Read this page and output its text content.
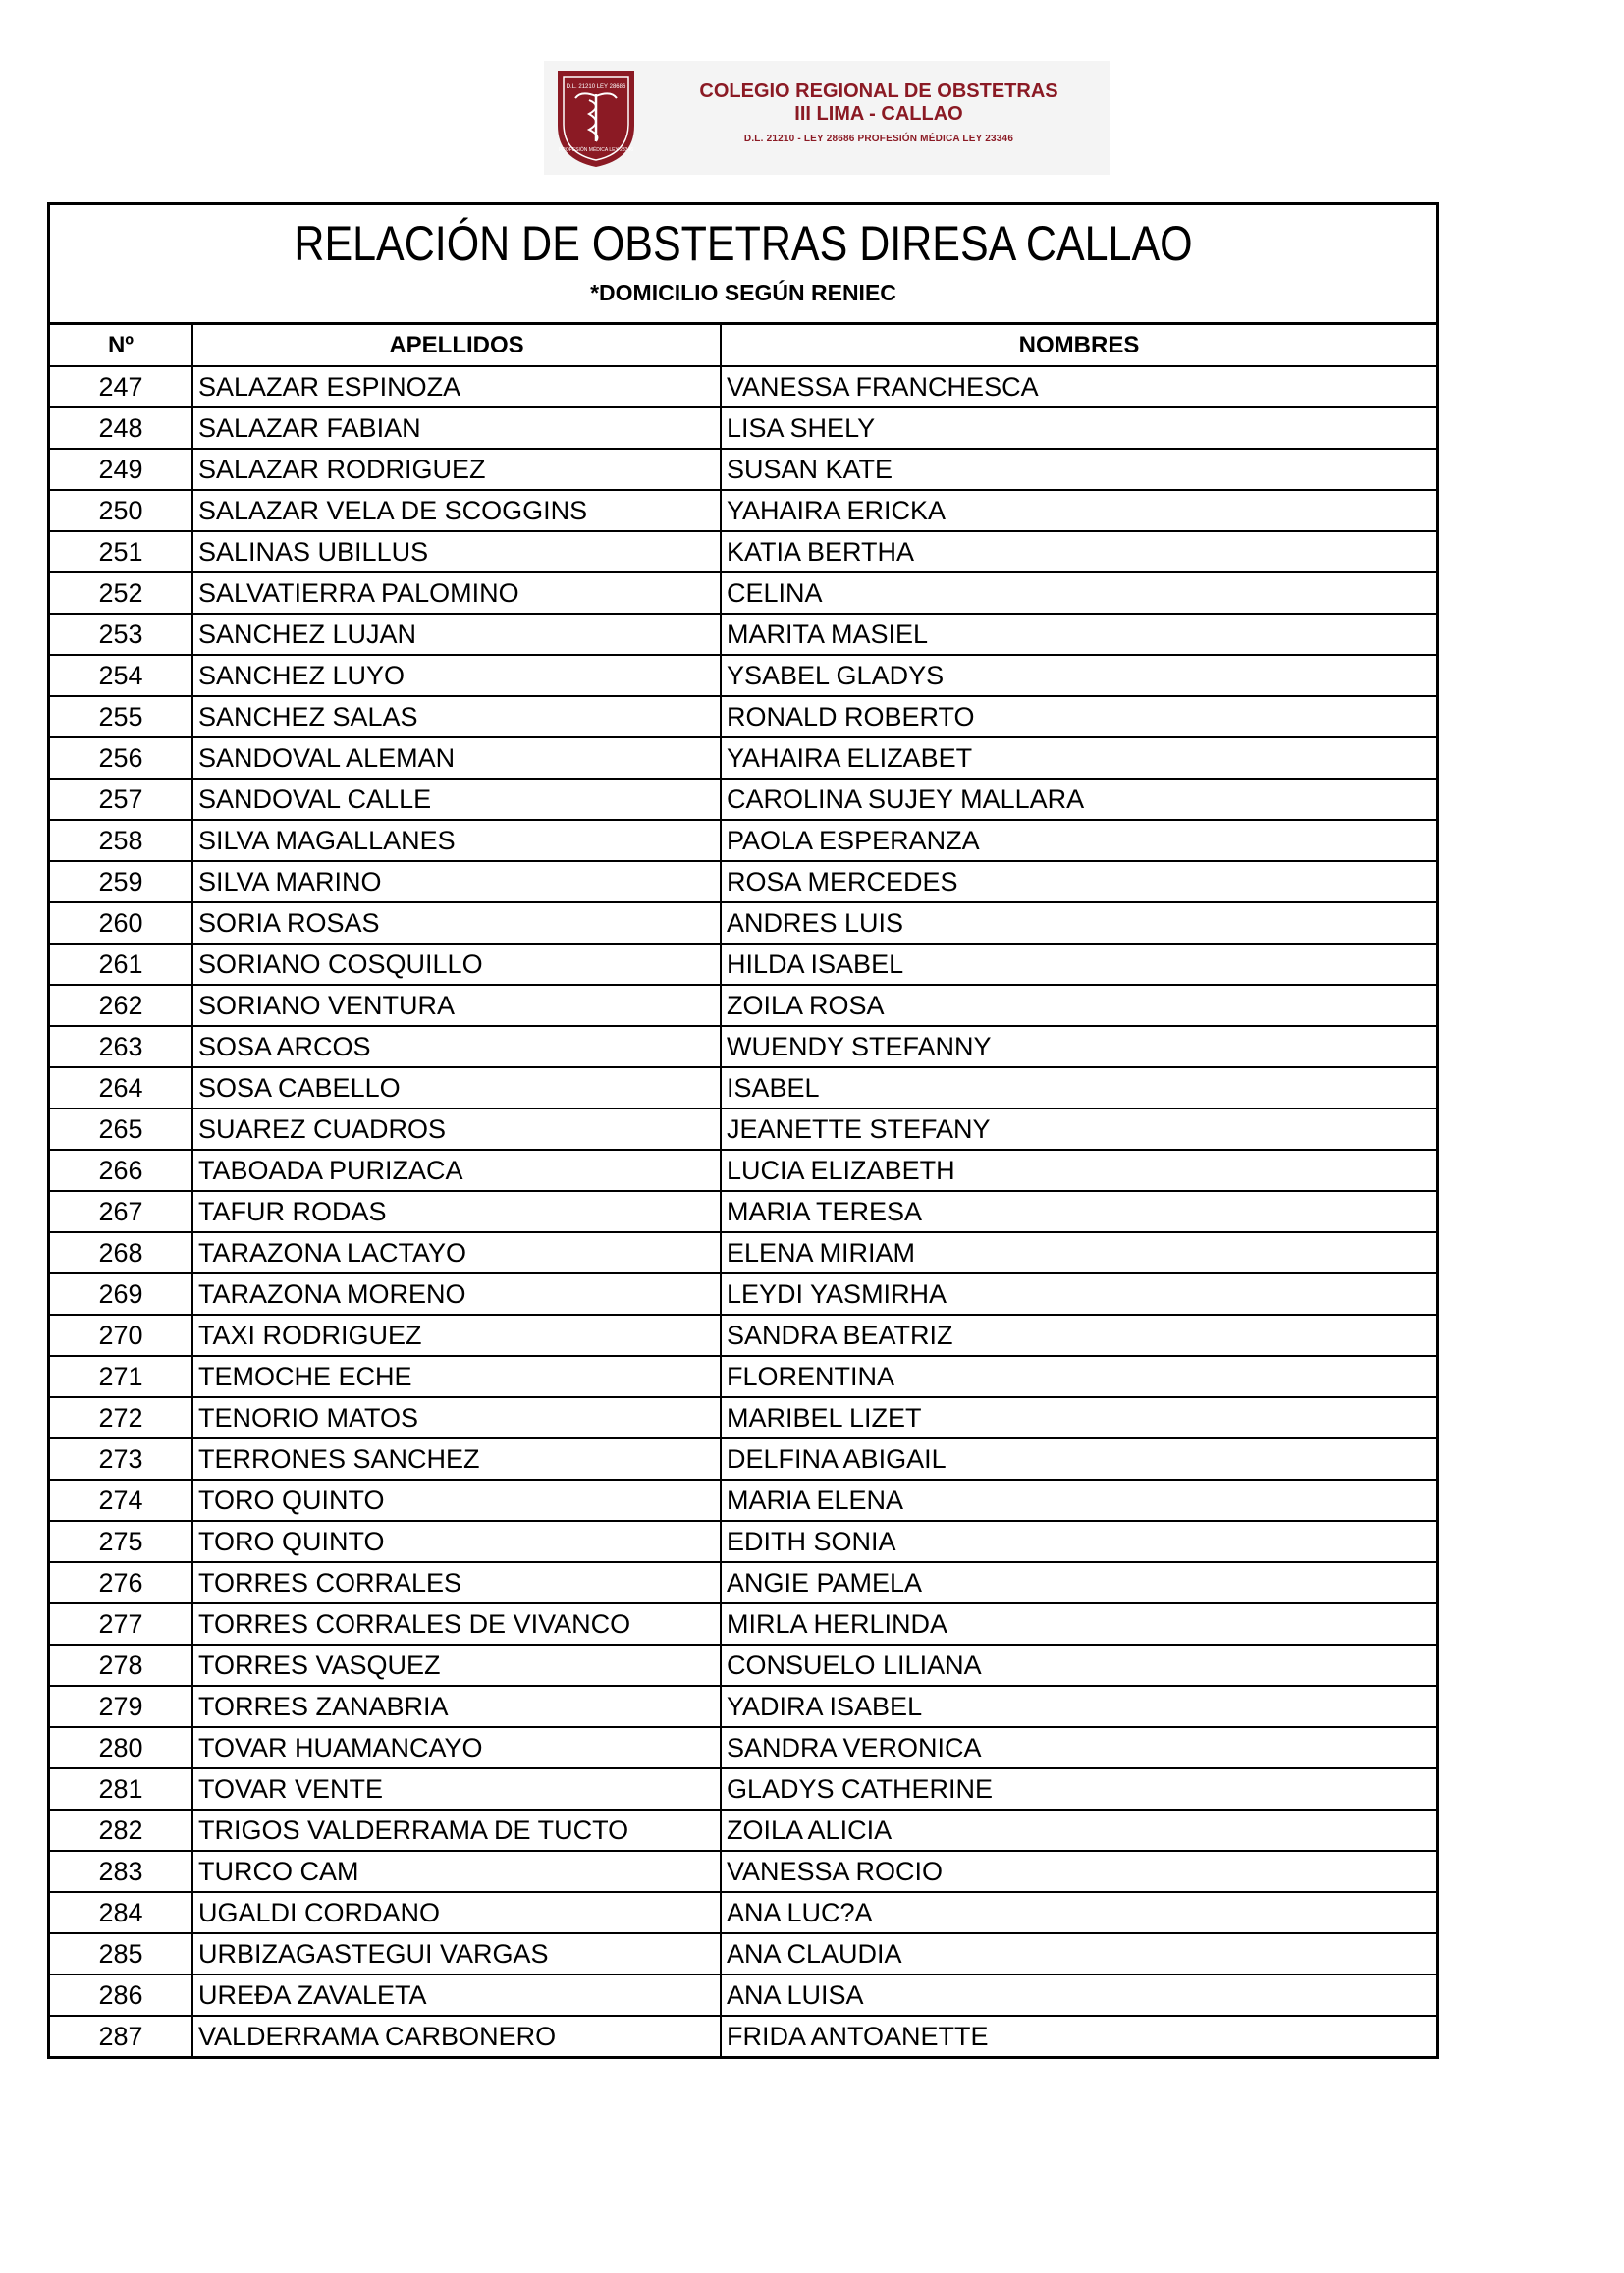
D.L. 21210 LEY 28686
PROFESIÓN MÉDICA LEY 23346
COLEGIO REGIONAL DE OBSTETRAS
III LIMA - CALLAO
D.L. 21210 - LEY 28686 PROFESIÓN MÉDICA LEY 23346
RELACIÓN DE OBSTETRAS DIRESA CALLAO
*DOMICILIO SEGÚN RENIEC
Nº	APELLIDOS	NOMBRES
247	SALAZAR ESPINOZA	VANESSA FRANCHESCA
248	SALAZAR FABIAN	LISA SHELY
249	SALAZAR RODRIGUEZ	SUSAN KATE
250	SALAZAR VELA DE SCOGGINS	YAHAIRA ERICKA
251	SALINAS UBILLUS	KATIA BERTHA
252	SALVATIERRA PALOMINO	CELINA
253	SANCHEZ LUJAN	MARITA MASIEL
254	SANCHEZ LUYO	YSABEL GLADYS
255	SANCHEZ SALAS	RONALD ROBERTO
256	SANDOVAL ALEMAN	YAHAIRA ELIZABET
257	SANDOVAL CALLE	CAROLINA SUJEY MALLARA
258	SILVA MAGALLANES	PAOLA ESPERANZA
259	SILVA MARINO	ROSA MERCEDES
260	SORIA ROSAS	ANDRES LUIS
261	SORIANO COSQUILLO	HILDA ISABEL
262	SORIANO VENTURA	ZOILA ROSA
263	SOSA ARCOS	WUENDY STEFANNY
264	SOSA CABELLO	ISABEL
265	SUAREZ CUADROS	JEANETTE STEFANY
266	TABOADA PURIZACA	LUCIA ELIZABETH
267	TAFUR RODAS	MARIA TERESA
268	TARAZONA LACTAYO	ELENA MIRIAM
269	TARAZONA MORENO	LEYDI YASMIRHA
270	TAXI RODRIGUEZ	SANDRA BEATRIZ
271	TEMOCHE ECHE	FLORENTINA
272	TENORIO MATOS	MARIBEL LIZET
273	TERRONES SANCHEZ	DELFINA ABIGAIL
274	TORO QUINTO	MARIA ELENA
275	TORO QUINTO	EDITH SONIA
276	TORRES CORRALES	ANGIE PAMELA
277	TORRES CORRALES DE VIVANCO	MIRLA HERLINDA
278	TORRES VASQUEZ	CONSUELO LILIANA
279	TORRES ZANABRIA	YADIRA ISABEL
280	TOVAR HUAMANCAYO	SANDRA VERONICA
281	TOVAR VENTE	GLADYS CATHERINE
282	TRIGOS VALDERRAMA DE TUCTO	ZOILA ALICIA
283	TURCO CAM	VANESSA ROCIO
284	UGALDI CORDANO	ANA LUC?A
285	URBIZAGASTEGUI VARGAS	ANA CLAUDIA
286	UREĐA ZAVALETA	ANA LUISA
287	VALDERRAMA CARBONERO	FRIDA ANTOANETTE
